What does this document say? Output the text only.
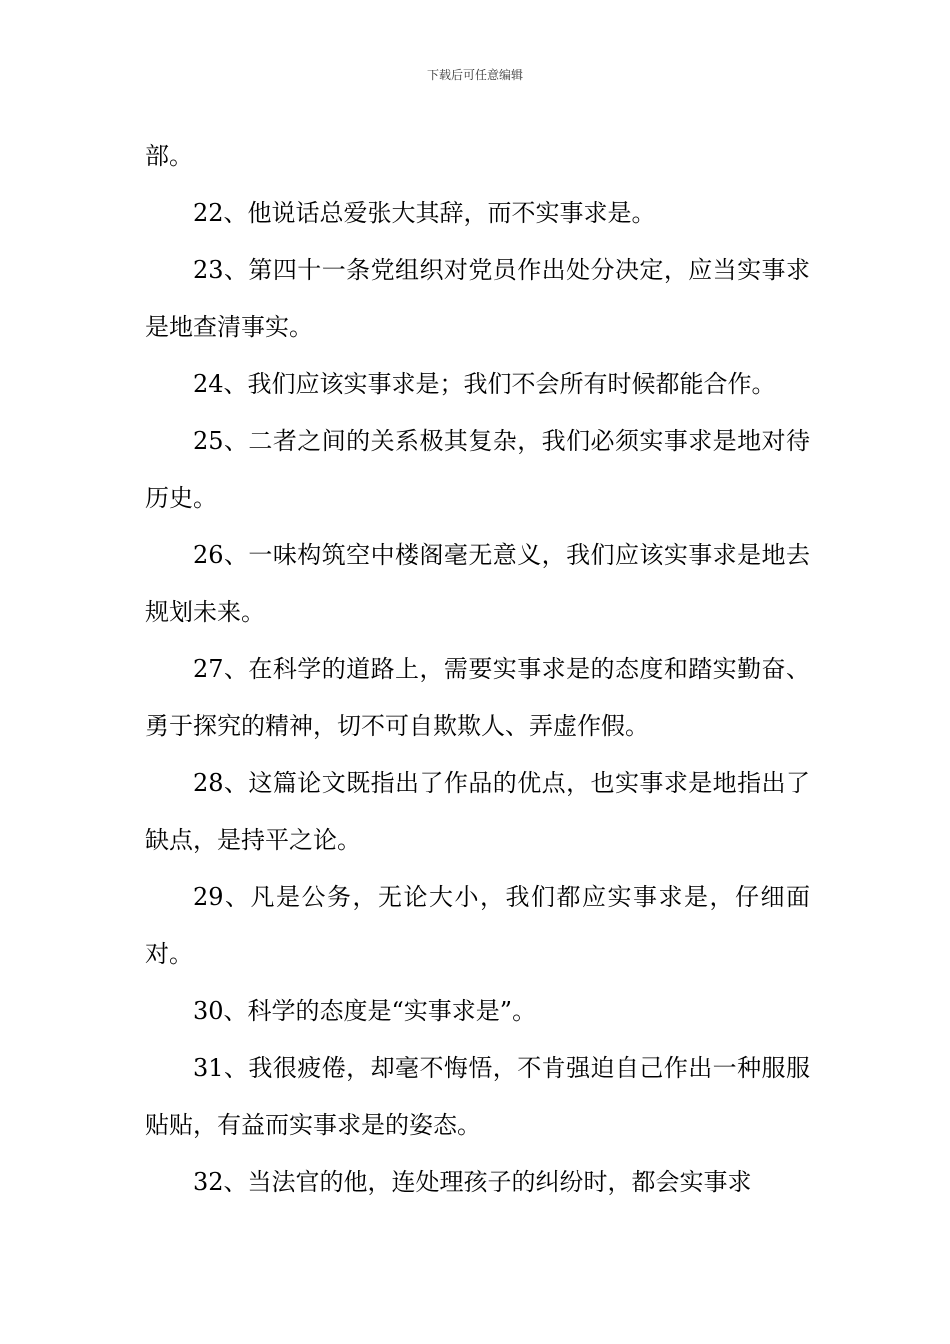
下载后可任意编辑

部。

22、他说话总爱张大其辞，而不实事求是。

23、第四十一条党组织对党员作出处分决定，应当实事求是地查清事实。

24、我们应该实事求是；我们不会所有时候都能合作。

25、二者之间的关系极其复杂，我们必须实事求是地对待历史。

26、一味构筑空中楼阁毫无意义，我们应该实事求是地去规划未来。

27、在科学的道路上，需要实事求是的态度和踏实勤奋、勇于探究的精神，切不可自欺欺人、弄虚作假。

28、这篇论文既指出了作品的优点，也实事求是地指出了缺点，是持平之论。

29、凡是公务，无论大小，我们都应实事求是，仔细面对。

30、科学的态度是“实事求是”。

31、我很疲倦，却毫不悔悟，不肯强迫自己作出一种服服贴贴，有益而实事求是的姿态。

32、当法官的他，连处理孩子的纠纷时，都会实事求
